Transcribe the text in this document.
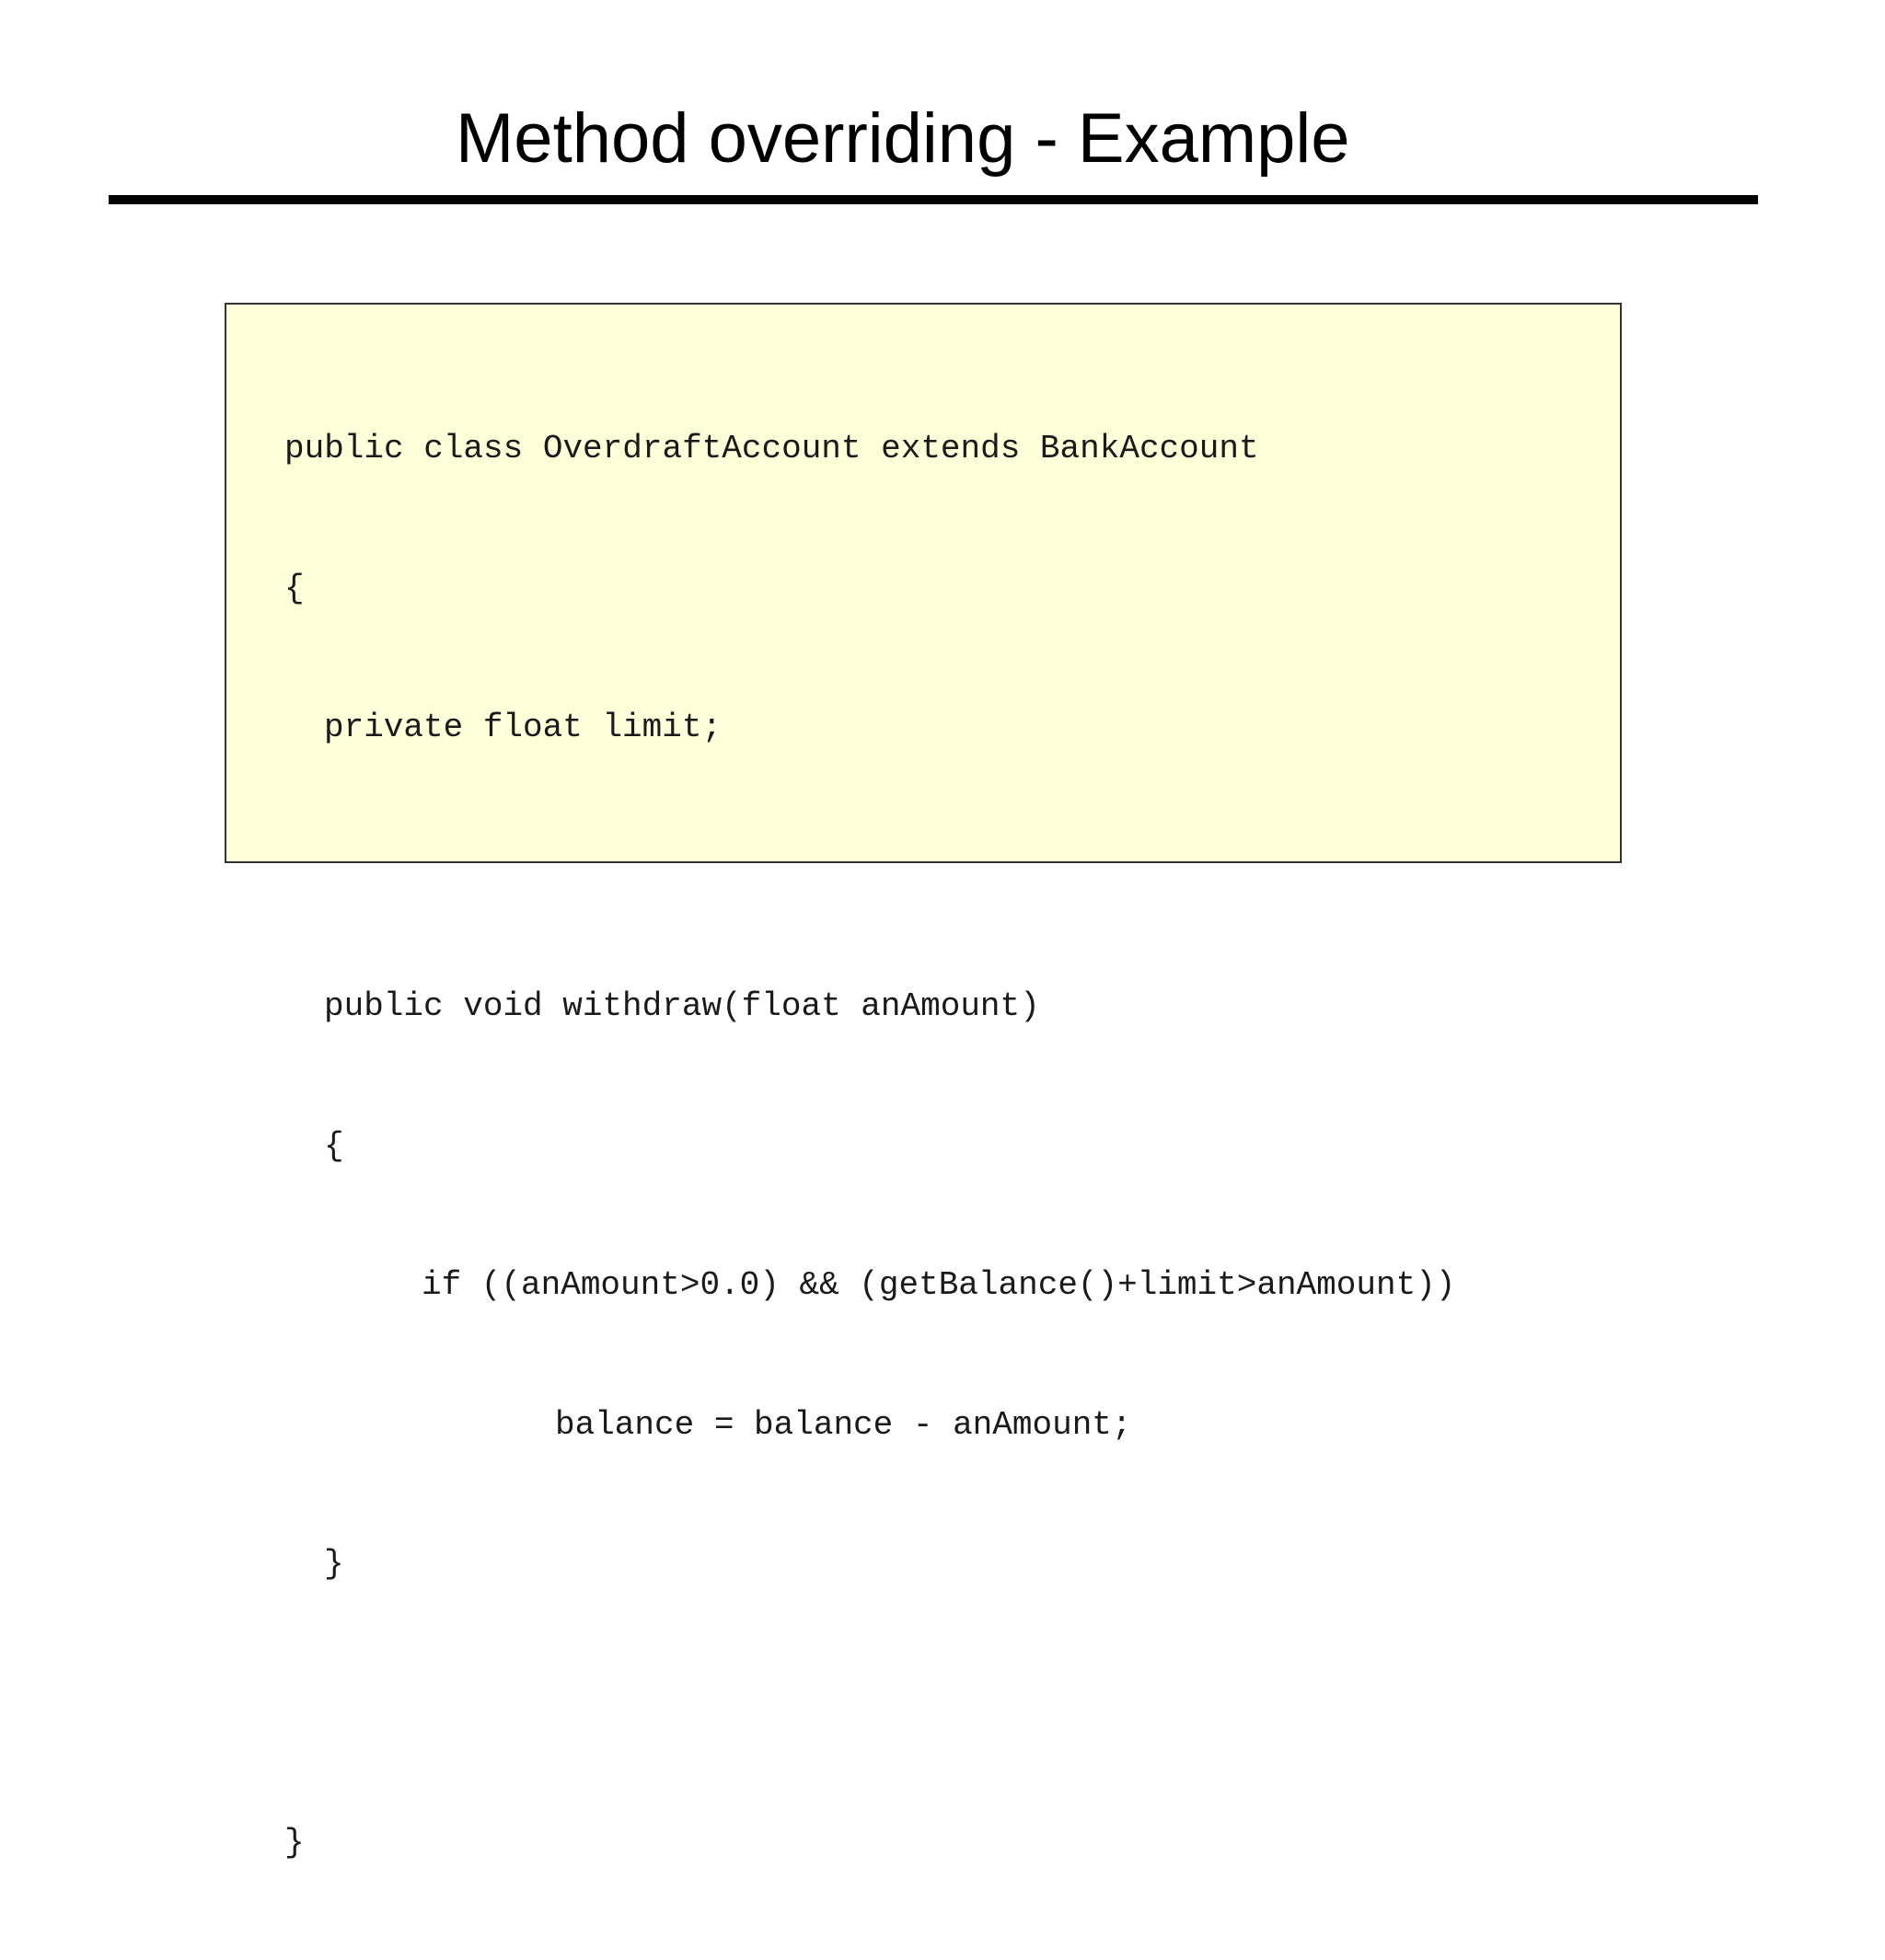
Method overriding - Example

public class OverdraftAccount extends BankAccount

{

private float limit;

public void withdraw(float anAmount)

{

if ((anAmount>0.0) && (getBalance()+limit>anAmount))

balance = balance - anAmount;

}

}
